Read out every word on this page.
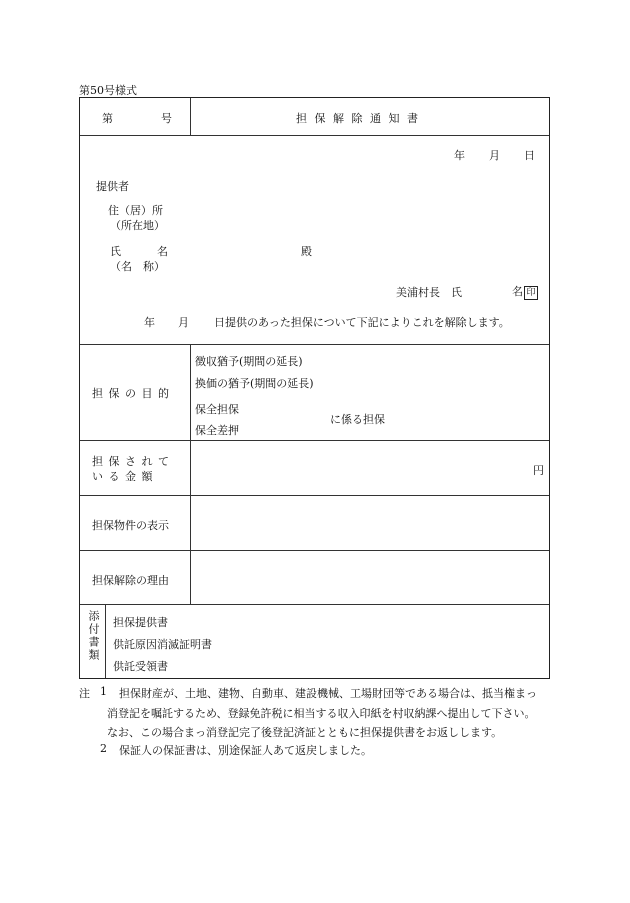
第50号様式
第	号	担 保 解 除 通 知 書
年 月 日
提供者
住（居）所
（所在地）
氏	名
（名　称）
殿
美浦村長　氏	名 印
年 月 日提供のあった担保について下記によりこれを解除します。
担 保 の 目 的
徴収猶予(期間の延長)
換価の猶予(期間の延長)
保全担保
保全差押
に係る担保
担 保 さ れ て
い る 金 額	円
担保物件の表示
担保解除の理由
添付書類 担保提供書
供託原因消滅証明書
供託受領書
注 1 担保財産が、土地、建物、自動車、建設機械、工場財団等である場合は、抵当権まっ
消登記を嘱託するため、登録免許税に相当する収入印紙を村収納課へ提出して下さい。
なお、この場合まっ消登記完了後登記済証とともに担保提供書をお返しします。
2 保証人の保証書は、別途保証人あて返戻しました。
